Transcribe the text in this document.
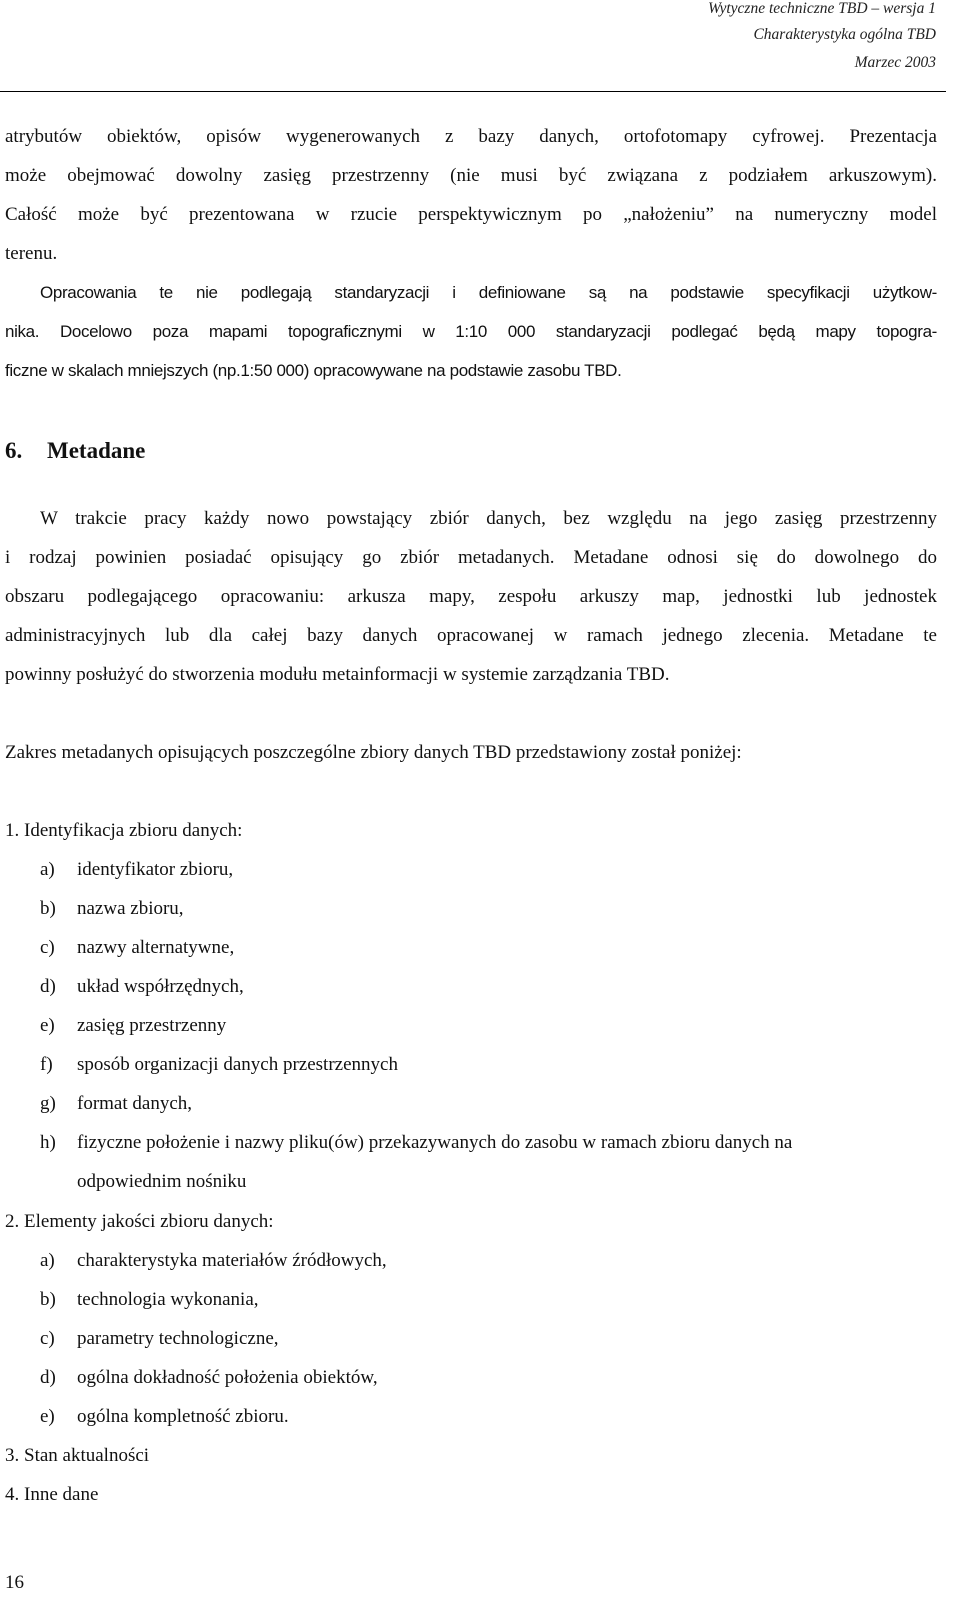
Wytyczne techniczne TBD – wersja 1
Charakterystyka ogólna TBD
Marzec 2003
atrybutów obiektów, opisów wygenerowanych z bazy danych, ortofotomapy cyfrowej. Prezentacja
może obejmować dowolny zasięg przestrzenny (nie musi być związana z podziałem arkuszowym).
Całość może być prezentowana w rzucie perspektywicznym po „nałożeniu” na numeryczny model
terenu.
Opracowania te nie podlegają standaryzacji i definiowane są na podstawie specyfikacji użytkow-
nika. Docelowo poza mapami topograficznymi w 1:10 000 standaryzacji podlegać będą mapy topogra-
ficzne w skalach mniejszych (np.1:50 000) opracowywane na podstawie zasobu TBD.
6. Metadane
W trakcie pracy każdy nowo powstający zbiór danych, bez względu na jego zasięg przestrzenny
i rodzaj powinien posiadać opisujący go zbiór metadanych. Metadane odnosi się do dowolnego do
obszaru podlegającego opracowaniu: arkusza mapy, zespołu arkuszy map, jednostki lub jednostek
administracyjnych lub dla całej bazy danych opracowanej w ramach jednego zlecenia. Metadane te
powinny posłużyć do stworzenia modułu metainformacji w systemie zarządzania TBD.
Zakres metadanych opisujących poszczególne zbiory danych TBD przedstawiony został poniżej:
1. Identyfikacja zbioru danych:
a) identyfikator zbioru,
b) nazwa zbioru,
c) nazwy alternatywne,
d) układ współrzędnych,
e) zasięg przestrzenny
f) sposób organizacji danych przestrzennych
g) format danych,
h) fizyczne położenie i nazwy pliku(ów) przekazywanych do zasobu w ramach zbioru danych na
odpowiednim nośniku
2. Elementy jakości zbioru danych:
a) charakterystyka materiałów źródłowych,
b) technologia wykonania,
c) parametry technologiczne,
d) ogólna dokładność położenia obiektów,
e) ogólna kompletność zbioru.
3. Stan aktualności
4. Inne dane
16
